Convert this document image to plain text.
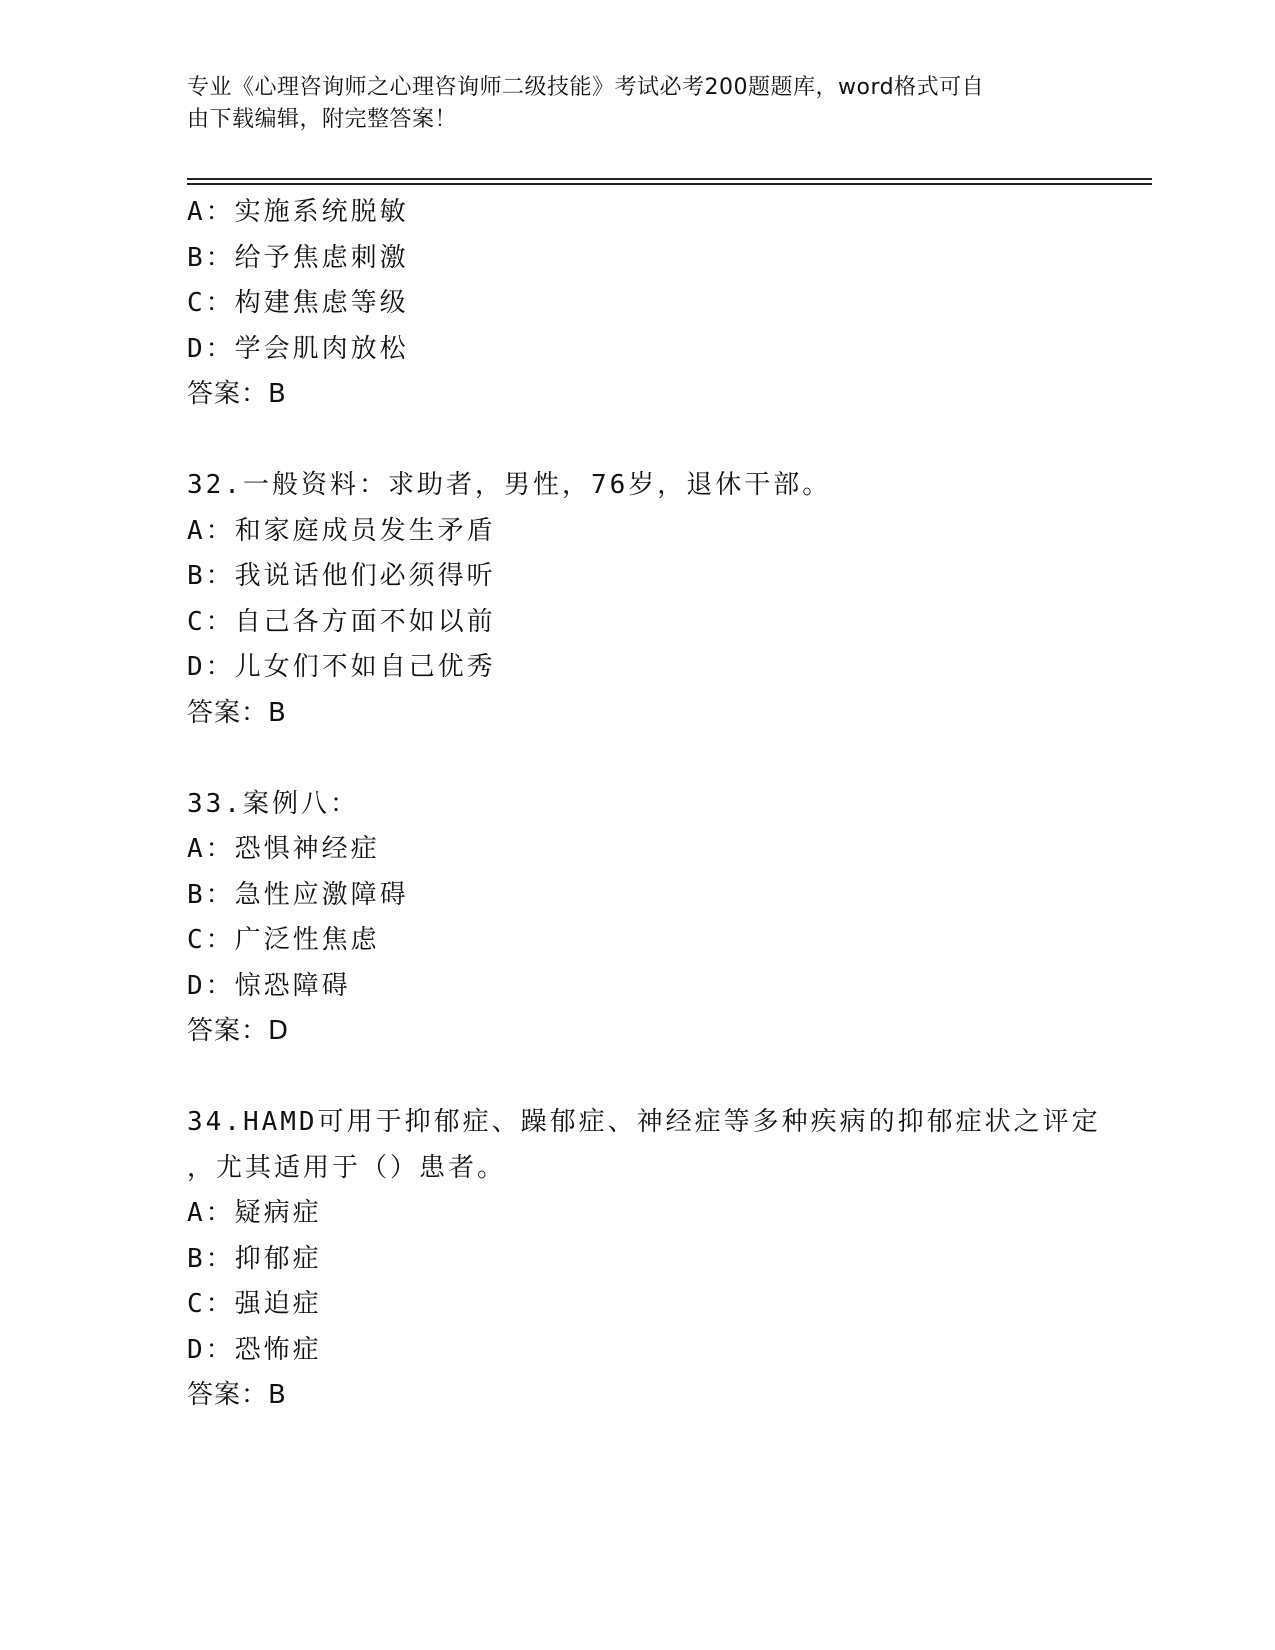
专业《心理咨询师之心理咨询师二级技能》考试必考200题题库，word格式可自
由下载编辑，附完整答案！
A：实施系统脱敏
B：给予焦虑刺激
C：构建焦虑等级
D：学会肌肉放松
答案：B
32.一般资料：求助者，男性，76岁，退休干部。
A：和家庭成员发生矛盾
B：我说话他们必须得听
C：自己各方面不如以前
D：儿女们不如自己优秀
答案：B
33.案例八：
A：恐惧神经症
B：急性应激障碍
C：广泛性焦虑
D：惊恐障碍
答案：D
34.HAMD可用于抑郁症、躁郁症、神经症等多种疾病的抑郁症状之评定
，尤其适用于（）患者。
A：疑病症
B：抑郁症
C：强迫症
D：恐怖症
答案：B
